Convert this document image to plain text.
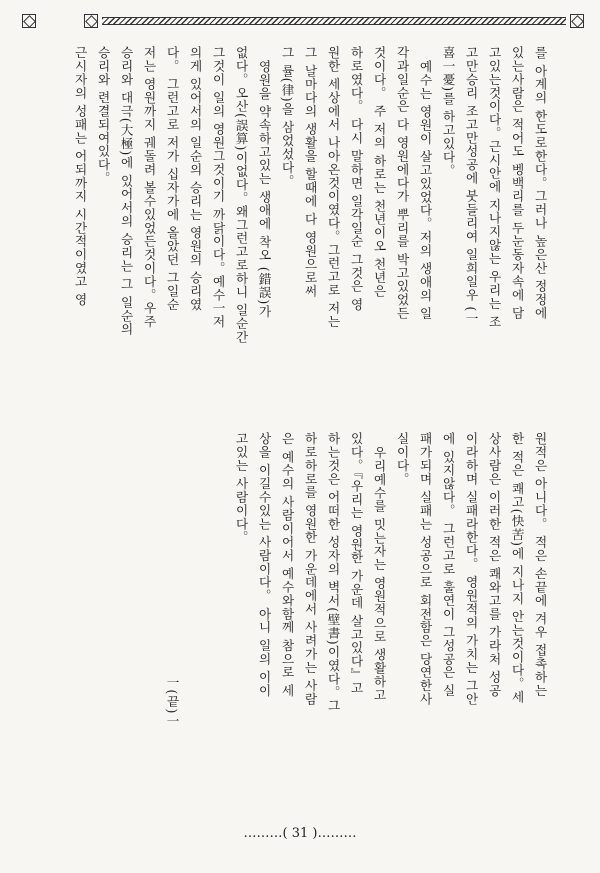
를 아계의 한도로한다。그러나 높은산 정정에
있는사람은 적어도 벵백리를 두눈동자속에 담
고있는것이다。근시안에 지나지않는 우리는 조
고만승리 조고만성공에 붓들리여 일희일우 (一
喜一憂)를 하고있다。
예수는 영원이 살고있었다。저의 생애의 일
각과일순은 다 영원에다가 뿌리를 박고있었든
것이다。 주 저의 하로는 천년이오 천년은
하로였다。 다시 말하면 일각일순 그것은 영
원한 세상에서 나아온것이였다。그런고로 저는
그 날마다의 생활을 할때에 다 영원으로써
그 률(律)을 삼었섰다。
영원을 약속하고있는 생애에 착오 (錯誤)가
없다。오산(誤算)이없다。왜그런고로하니 일순간
그것이 일의 영원그것이기 까닭이다。예수一저
의게 있어서의 일순의 승리는 영원의 승리였
다。 그런고로 저가 십자가에 올았던 그일순
저는 영원까지 궤돌려 볼수있었든것이다。우주
승리와 대극(大極)에 있어서의 승리는 그 일순의
승리와 련결되여있다。
근시자의 성패는 어되까지 시간적이였고 영
원적은 아니다。 적은 손끝에 겨우 접촉하는
한 적은 쾌고(快苦)에 지나지 안는것이다。세
상사람은 이러한 적은 쾌와고를 가라처 성공
이라하며 실패라한다。 영원적의 가치는 그안
에 있지않다。 그런고로 훌연이 그성공은 실
패가되며 실패는 성공으로 회전함은 당연한사
실이다。
우리예수를 밋는자는 영원적으로 생활하고
있다。『우리는 영원한 가운데 살고있다』고
하는것은 어떠한 성자의 벽서(壁書)이였다。그
하로하로를 영원한 가운데에서 사려가는 사람
은 예수의 사람이어서 예수와함께 참으로 세
상을 이길수있는 사람이다。 아니 일의 이이
고있는 사람이다。
一(끝)一
………( 31 )………
